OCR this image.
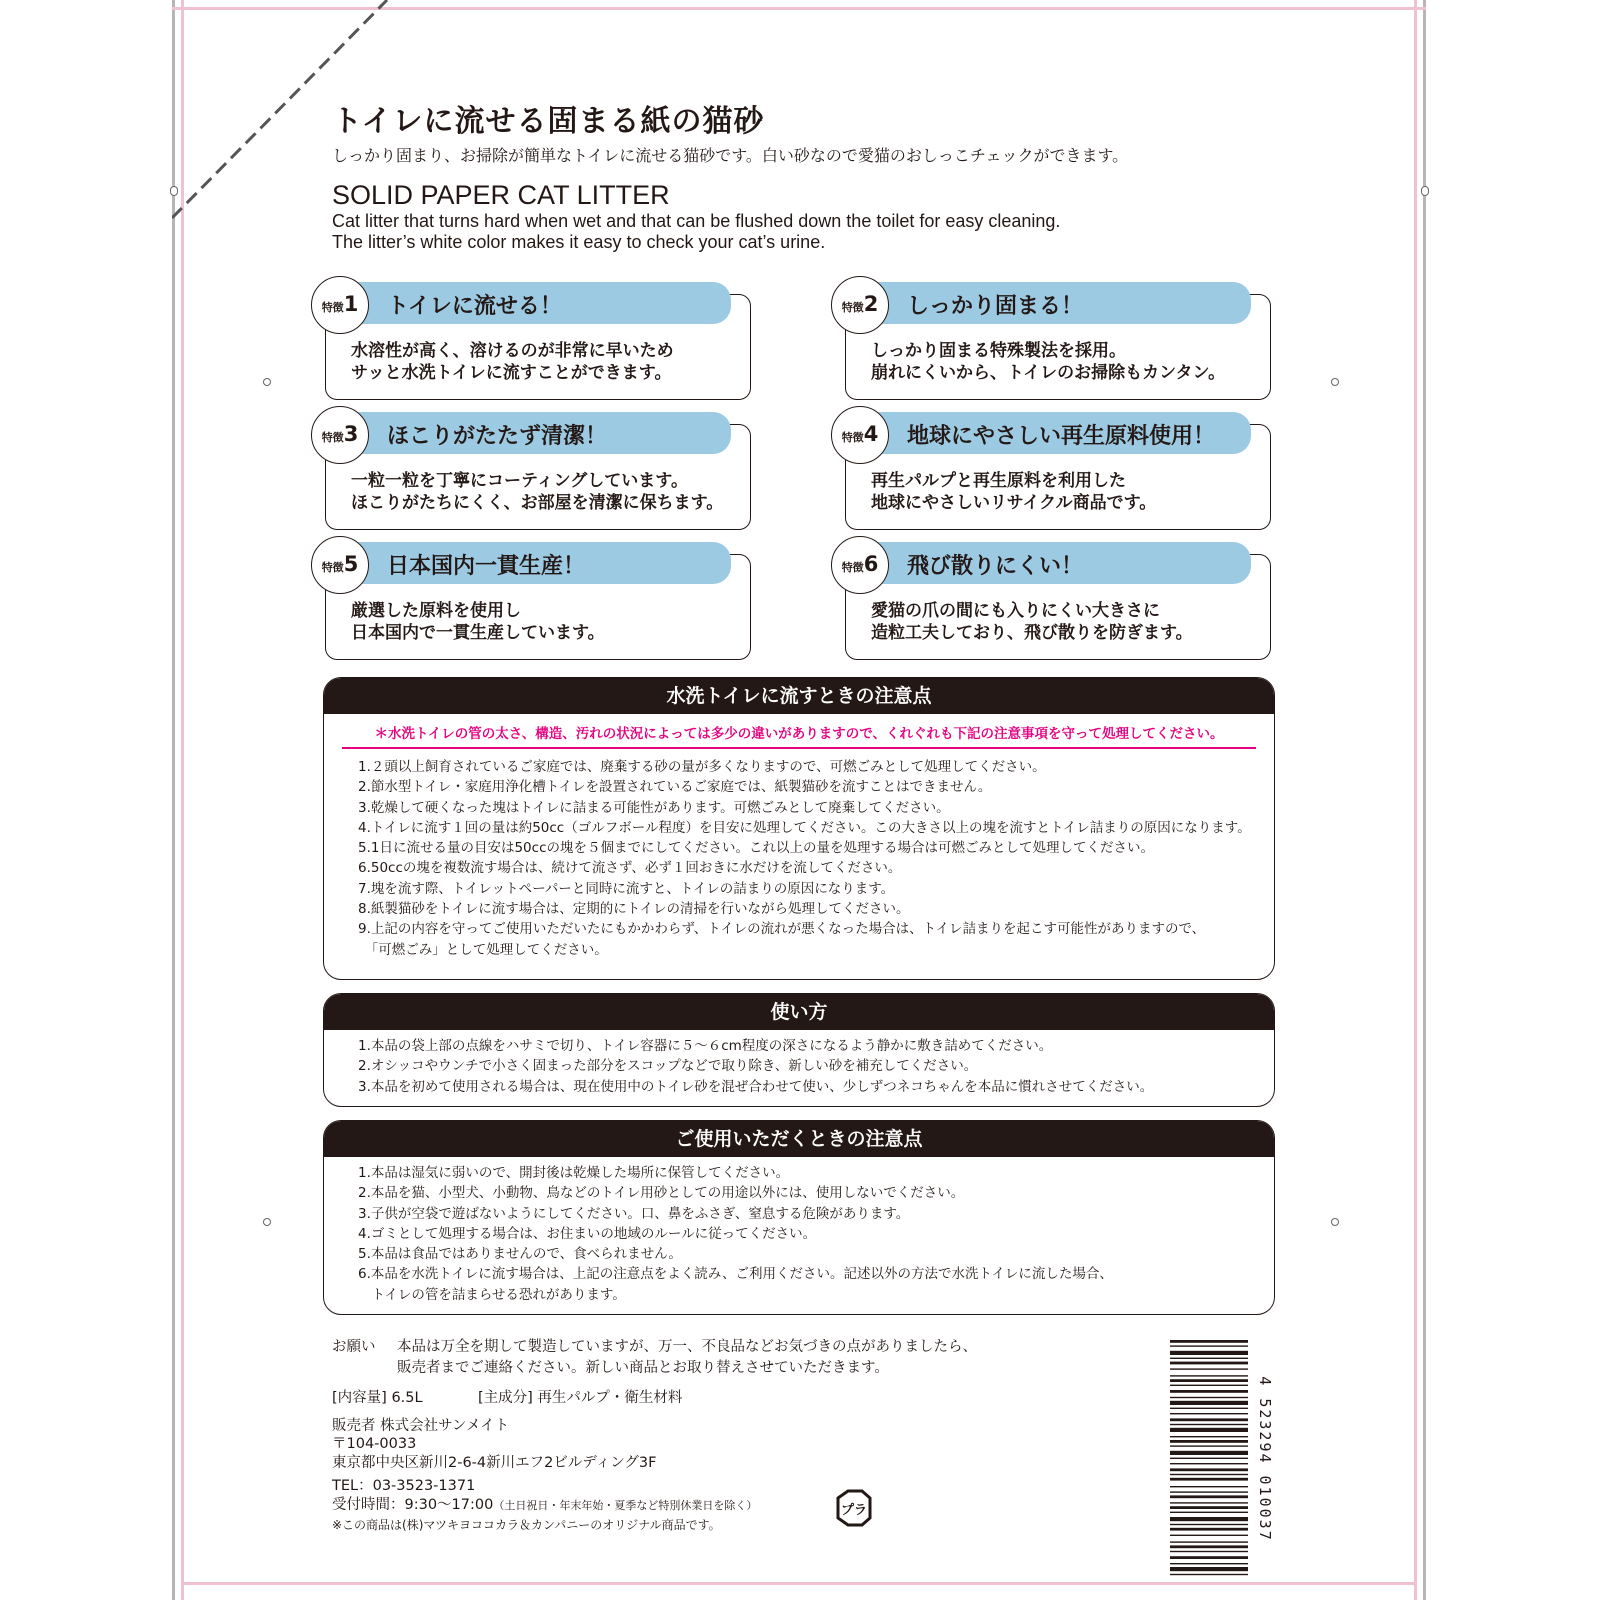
トイレに流せる固まる紙の猫砂
しっかり固まり、お掃除が簡単なトイレに流せる猫砂です。白い砂なので愛猫のおしっこチェックができます。
SOLID PAPER CAT LITTER
Cat litter that turns hard when wet and that can be flushed down the toilet for easy cleaning.
The litter’s white color makes it easy to check your cat’s urine.
トイレに流せる！
特徴1
水溶性が高く、溶けるのが非常に早いため
サッと水洗トイレに流すことができます。
しっかり固まる！
特徴2
しっかり固まる特殊製法を採用。
崩れにくいから、トイレのお掃除もカンタン。
ほこりがたたず清潔！
特徴3
一粒一粒を丁寧にコーティングしています。
ほこりがたちにくく、お部屋を清潔に保ちます。
地球にやさしい再生原料使用！
特徴4
再生パルプと再生原料を利用した
地球にやさしいリサイクル商品です。
日本国内一貫生産！
特徴5
厳選した原料を使用し
日本国内で一貫生産しています。
飛び散りにくい！
特徴6
愛猫の爪の間にも入りにくい大きさに
造粒工夫しており、飛び散りを防ぎます。
水洗トイレに流すときの注意点
＊水洗トイレの管の太さ、構造、汚れの状況によっては多少の違いがありますので、くれぐれも下記の注意事項を守って処理してください。
1.２頭以上飼育されているご家庭では、廃棄する砂の量が多くなりますので、可燃ごみとして処理してください。
2.節水型トイレ・家庭用浄化槽トイレを設置されているご家庭では、紙製猫砂を流すことはできません。
3.乾燥して硬くなった塊はトイレに詰まる可能性があります。可燃ごみとして廃棄してください。
4.トイレに流す１回の量は約50cc（ゴルフボール程度）を目安に処理してください。この大きさ以上の塊を流すとトイレ詰まりの原因になります。
5.1日に流せる量の目安は50ccの塊を５個までにしてください。これ以上の量を処理する場合は可燃ごみとして処理してください。
6.50ccの塊を複数流す場合は、続けて流さず、必ず１回おきに水だけを流してください。
7.塊を流す際、トイレットペーパーと同時に流すと、トイレの詰まりの原因になります。
8.紙製猫砂をトイレに流す場合は、定期的にトイレの清掃を行いながら処理してください。
9.上記の内容を守ってご使用いただいたにもかかわらず、トイレの流れが悪くなった場合は、トイレ詰まりを起こす可能性がありますので、
　「可燃ごみ」として処理してください。
使い方
1.本品の袋上部の点線をハサミで切り、トイレ容器に５～６cm程度の深さになるよう静かに敷き詰めてください。
2.オシッコやウンチで小さく固まった部分をスコップなどで取り除き、新しい砂を補充してください。
3.本品を初めて使用される場合は、現在使用中のトイレ砂を混ぜ合わせて使い、少しずつネコちゃんを本品に慣れさせてください。
ご使用いただくときの注意点
1.本品は湿気に弱いので、開封後は乾燥した場所に保管してください。
2.本品を猫、小型犬、小動物、鳥などのトイレ用砂としての用途以外には、使用しないでください。
3.子供が空袋で遊ばないようにしてください。口、鼻をふさぎ、窒息する危険があります。
4.ゴミとして処理する場合は、お住まいの地域のルールに従ってください。
5.本品は食品ではありませんので、食べられません。
6.本品を水洗トイレに流す場合は、上記の注意点をよく読み、ご利用ください。記述以外の方法で水洗トイレに流した場合、
　トイレの管を詰まらせる恐れがあります。
お願い 本品は万全を期して製造していますが、万一、不良品などお気づきの点がありましたら、
販売者までご連絡ください。新しい商品とお取り替えさせていただきます。
[内容量] 6.5L	[主成分] 再生パルプ・衛生材料
販売者 株式会社サンメイト
〒104-0033
東京都中央区新川2-6-4新川エフ2ビルディング3F
TEL：03-3523-1371
受付時間：9:30～17:00（土日祝日・年末年始・夏季など特別休業日を除く）
※この商品は(株)マツキヨココカラ＆カンパニーのオリジナル商品です。
プラ	4 523294 010037
